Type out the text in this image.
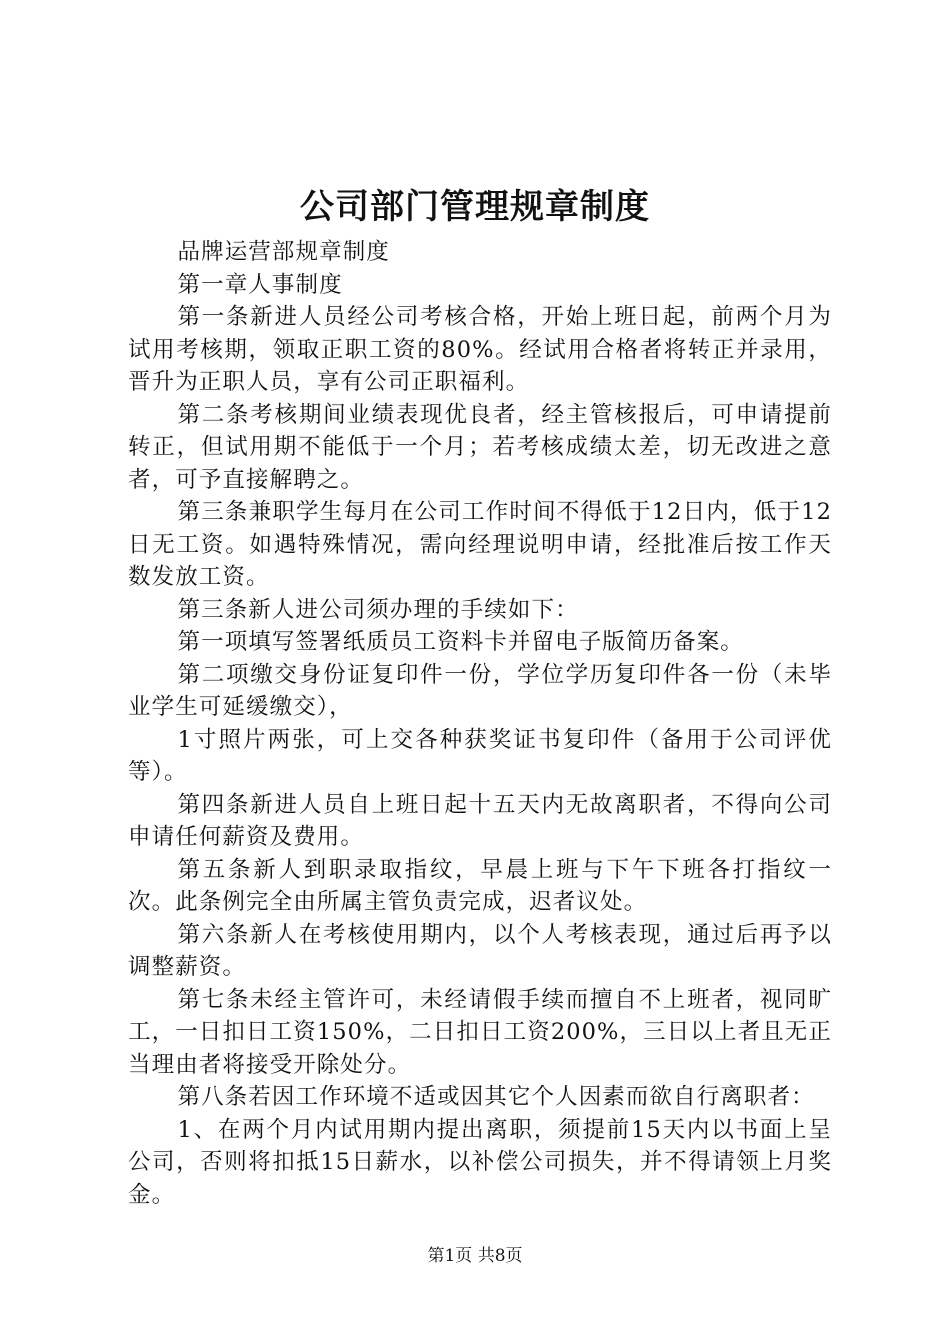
公司部门管理规章制度

品牌运营部规章制度

第一章人事制度

第一条新进人员经公司考核合格，开始上班日起，前两个月为试用考核期，领取正职工资的80%。经试用合格者将转正并录用，晋升为正职人员，享有公司正职福利。

第二条考核期间业绩表现优良者，经主管核报后，可申请提前转正，但试用期不能低于一个月；若考核成绩太差，切无改进之意者，可予直接解聘之。

第三条兼职学生每月在公司工作时间不得低于12日内，低于12日无工资。如遇特殊情况，需向经理说明申请，经批准后按工作天数发放工资。

第三条新人进公司须办理的手续如下：

第一项填写签署纸质员工资料卡并留电子版简历备案。

第二项缴交身份证复印件一份，学位学历复印件各一份（未毕业学生可延缓缴交），

1寸照片两张，可上交各种获奖证书复印件（备用于公司评优等）。

第四条新进人员自上班日起十五天内无故离职者，不得向公司申请任何薪资及费用。

第五条新人到职录取指纹，早晨上班与下午下班各打指纹一次。此条例完全由所属主管负责完成，迟者议处。

第六条新人在考核使用期内，以个人考核表现，通过后再予以调整薪资。

第七条未经主管许可，未经请假手续而擅自不上班者，视同旷工，一日扣日工资150%，二日扣日工资200%，三日以上者且无正当理由者将接受开除处分。

第八条若因工作环境不适或因其它个人因素而欲自行离职者：

1、在两个月内试用期内提出离职，须提前15天内以书面上呈公司，否则将扣抵15日薪水，以补偿公司损失，并不得请领上月奖金。

第1页 共8页
